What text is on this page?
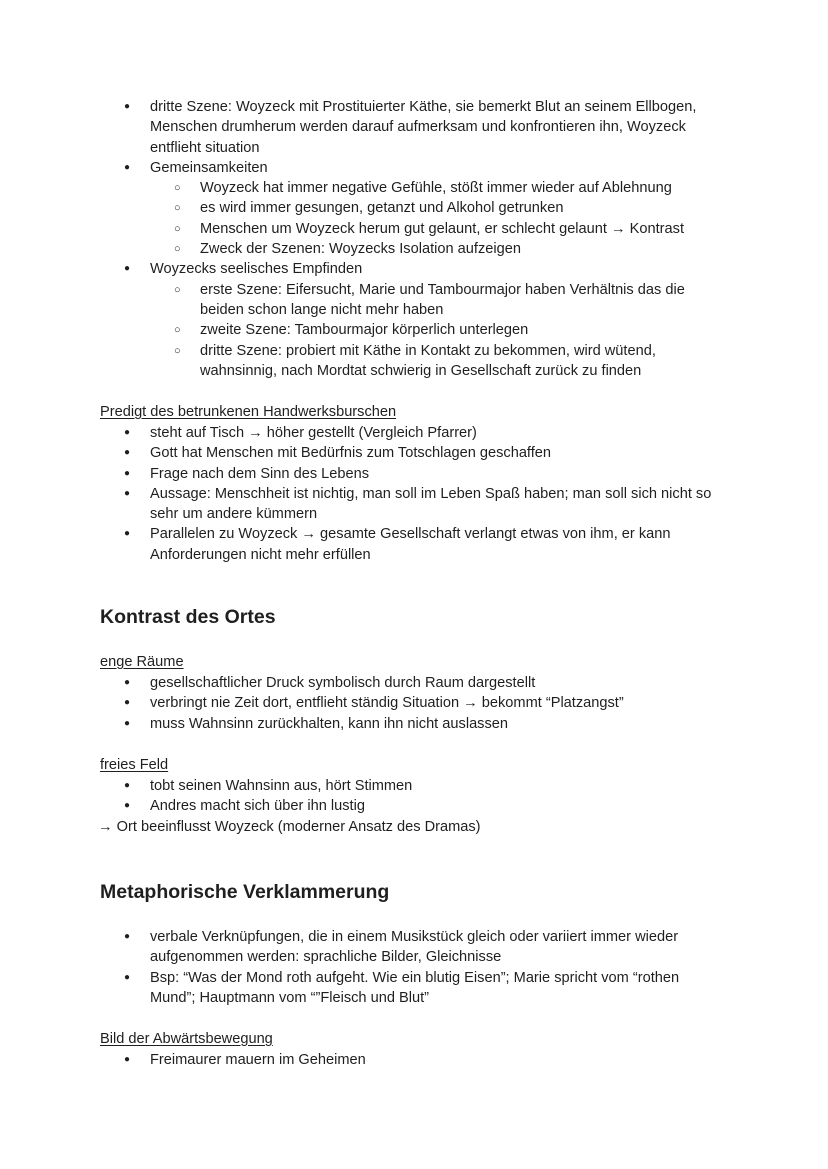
● dritte Szene: Woyzeck mit Prostituierter Käthe, sie bemerkt Blut an seinem Ellbogen, Menschen drumherum werden darauf aufmerksam und konfrontieren ihn, Woyzeck entflieht situation
● Gemeinsamkeiten
○ Woyzeck hat immer negative Gefühle, stößt immer wieder auf Ablehnung
○ es wird immer gesungen, getanzt und Alkohol getrunken
○ Menschen um Woyzeck herum gut gelaunt, er schlecht gelaunt → Kontrast
○ Zweck der Szenen: Woyzecks Isolation aufzeigen
● Woyzecks seelisches Empfinden
○ erste Szene: Eifersucht, Marie und Tambourmajor haben Verhältnis das die beiden schon lange nicht mehr haben
○ zweite Szene: Tambourmajor körperlich unterlegen
○ dritte Szene: probiert mit Käthe in Kontakt zu bekommen, wird wütend, wahnsinnig, nach Mordtat schwierig in Gesellschaft zurück zu finden

Predigt des betrunkenen Handwerksburschen

● steht auf Tisch → höher gestellt (Vergleich Pfarrer)
● Gott hat Menschen mit Bedürfnis zum Totschlagen geschaffen
● Frage nach dem Sinn des Lebens
● Aussage: Menschheit ist nichtig, man soll im Leben Spaß haben; man soll sich nicht so sehr um andere kümmern
● Parallelen zu Woyzeck → gesamte Gesellschaft verlangt etwas von ihm, er kann Anforderungen nicht mehr erfüllen
Kontrast des Ortes

enge Räume

● gesellschaftlicher Druck symbolisch durch Raum dargestellt
● verbringt nie Zeit dort, entflieht ständig Situation → bekommt “Platzangst”
● muss Wahnsinn zurückhalten, kann ihn nicht auslassen

freies Feld

● tobt seinen Wahnsinn aus, hört Stimmen
● Andres macht sich über ihn lustig

→ Ort beeinflusst Woyzeck (moderner Ansatz des Dramas)

Metaphorische Verklammerung
● verbale Verknüpfungen, die in einem Musikstück gleich oder variiert immer wieder aufgenommen werden: sprachliche Bilder, Gleichnisse
● Bsp: “Was der Mond roth aufgeht. Wie ein blutig Eisen”; Marie spricht vom “rothen Mund”; Hauptmann vom “”Fleisch und Blut”

Bild der Abwärtsbewegung

● Freimaurer mauern im Geheimen
